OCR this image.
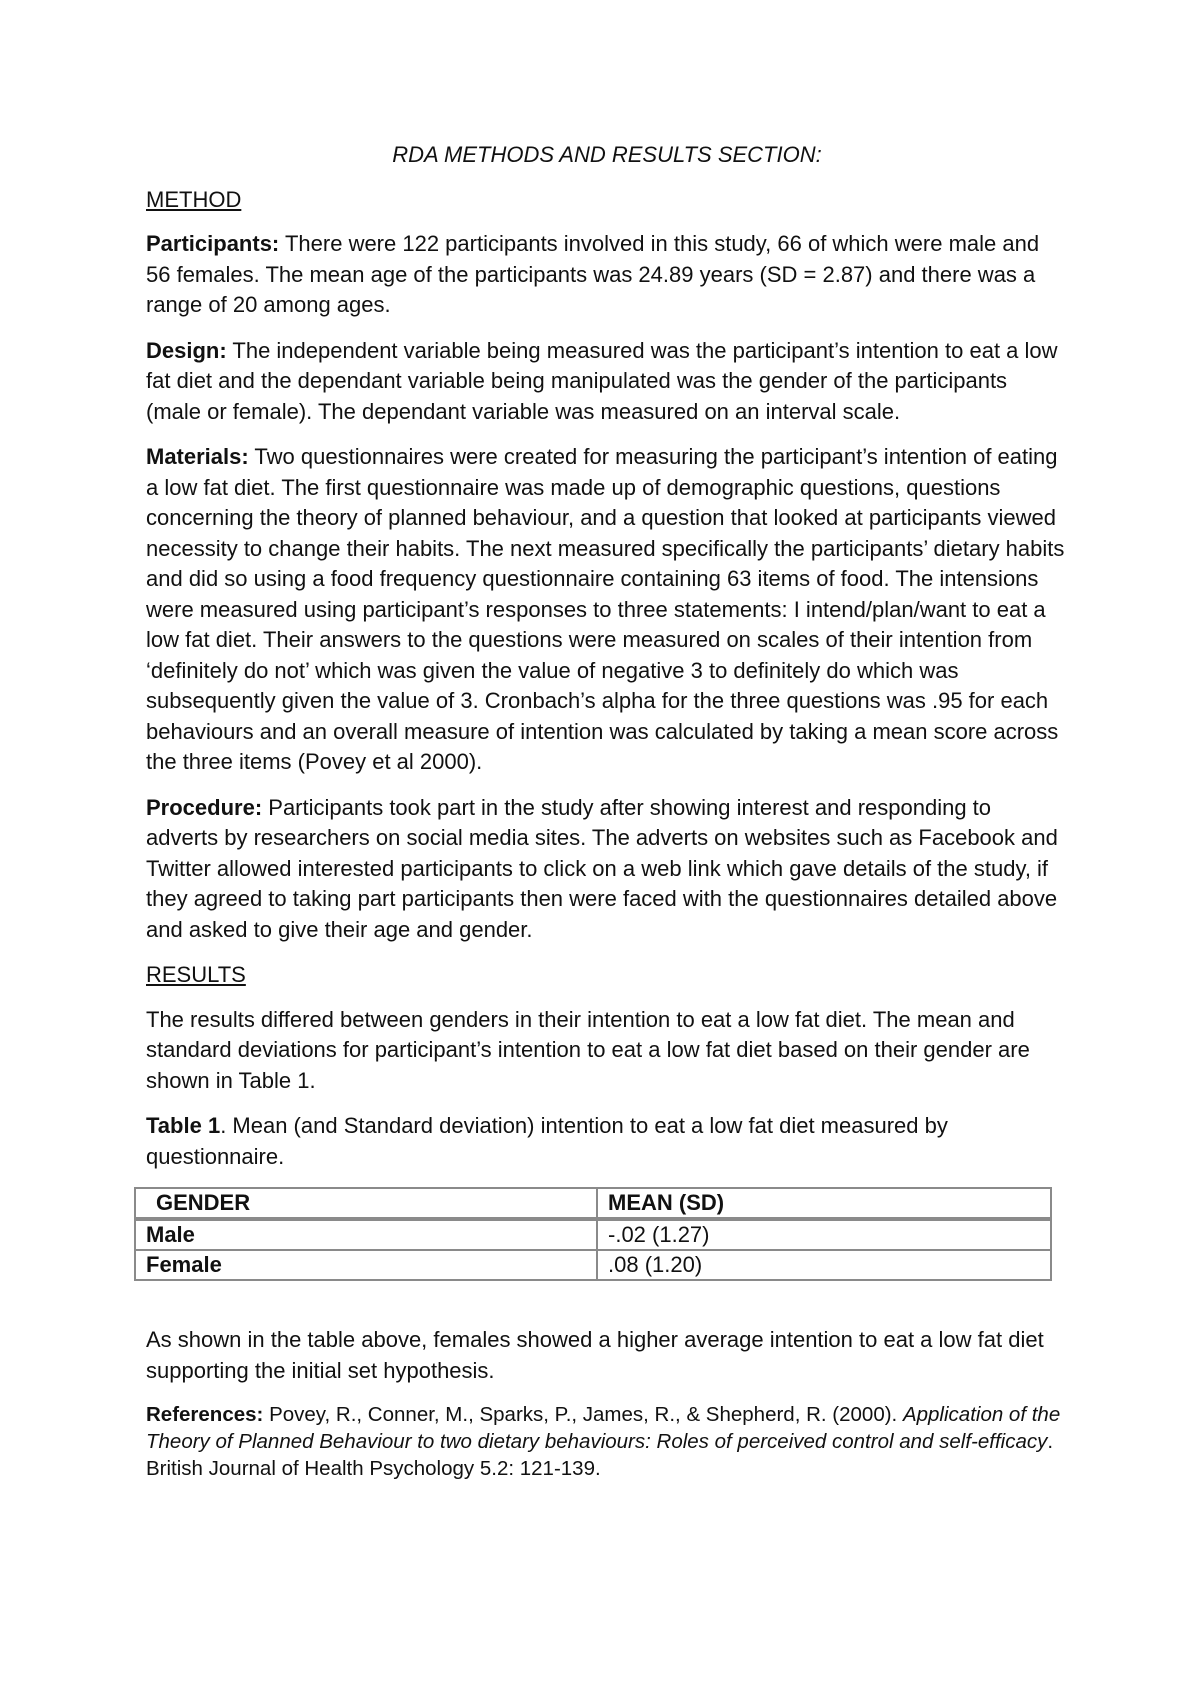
RDA METHODS AND RESULTS SECTION:
METHOD

Participants: There were 122 participants involved in this study, 66 of which were male and 56 females. The mean age of the participants was 24.89 years (SD = 2.87) and there was a range of 20 among ages.

Design: The independent variable being measured was the participant’s intention to eat a low fat diet and the dependant variable being manipulated was the gender of the participants (male or female). The dependant variable was measured on an interval scale.

Materials: Two questionnaires were created for measuring the participant’s intention of eating a low fat diet. The first questionnaire was made up of demographic questions, questions concerning the theory of planned behaviour, and a question that looked at participants viewed necessity to change their habits. The next measured specifically the participants’ dietary habits and did so using a food frequency questionnaire containing 63 items of food. The intensions were measured using participant’s responses to three statements: I intend/plan/want to eat a low fat diet. Their answers to the questions were measured on scales of their intention from ‘definitely do not’ which was given the value of negative 3 to definitely do which was subsequently given the value of 3. Cronbach’s alpha for the three questions was .95 for each behaviours and an overall measure of intention was calculated by taking a mean score across the three items (Povey et al 2000).

Procedure: Participants took part in the study after showing interest and responding to adverts by researchers on social media sites. The adverts on websites such as Facebook and Twitter allowed interested participants to click on a web link which gave details of the study, if they agreed to taking part participants then were faced with the questionnaires detailed above and asked to give their age and gender.

RESULTS

The results differed between genders in their intention to eat a low fat diet. The mean and standard deviations for participant’s intention to eat a low fat diet based on their gender are shown in Table 1.

Table 1. Mean (and Standard deviation) intention to eat a low fat diet measured by questionnaire.

GENDER	MEAN (SD)
Male	-.02 (1.27)
Female	.08 (1.20)

As shown in the table above, females showed a higher average intention to eat a low fat diet supporting the initial set hypothesis.

References: Povey, R., Conner, M., Sparks, P., James, R., & Shepherd, R. (2000). Application of the Theory of Planned Behaviour to two dietary behaviours: Roles of perceived control and self-efficacy. British Journal of Health Psychology 5.2: 121-139.
